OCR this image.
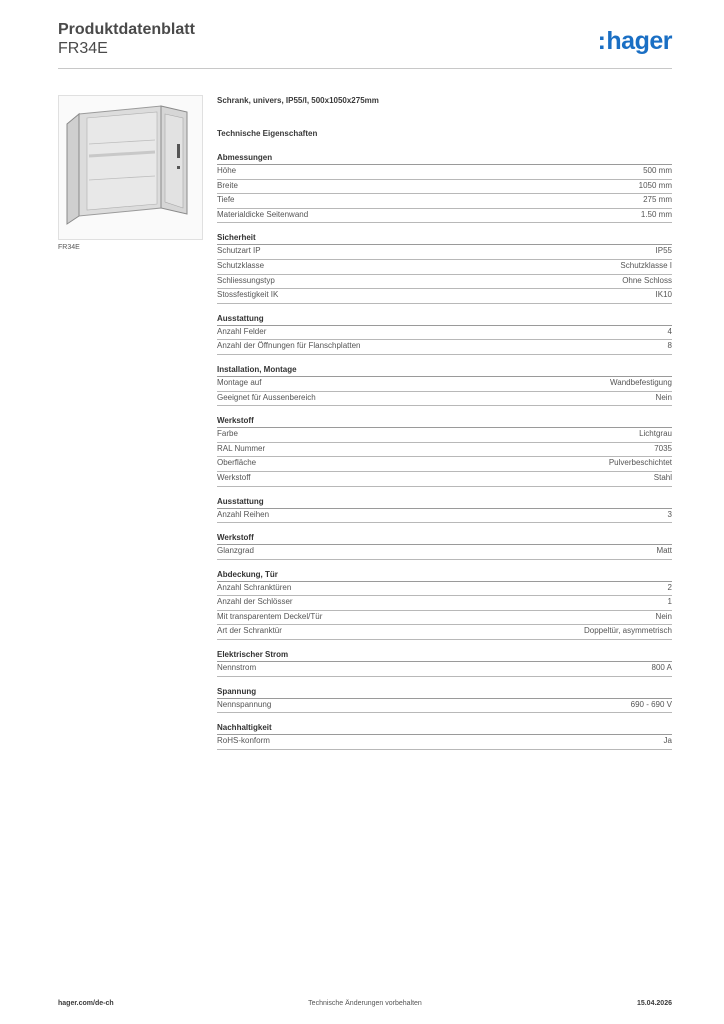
Produktdatenblatt
FR34E	:hager
FR34E
Schrank, univers, IP55/I, 500x1050x275mm
Technische Eigenschaften
Abmessungen
Höhe	500 mm
Breite	1050 mm
Tiefe	275 mm
Materialdicke Seitenwand	1.50 mm
Sicherheit
Schutzart IP	IP55
Schutzklasse	Schutzklasse I
Schliessungstyp	Ohne Schloss
Stossfestigkeit IK	IK10
Ausstattung
Anzahl Felder	4
Anzahl der Öffnungen für Flanschplatten	8
Installation, Montage
Montage auf	Wandbefestigung
Geeignet für Aussenbereich	Nein
Werkstoff
Farbe	Lichtgrau
RAL Nummer	7035
Oberfläche	Pulverbeschichtet
Werkstoff	Stahl
Ausstattung
Anzahl Reihen	3
Werkstoff
Glanzgrad	Matt
Abdeckung, Tür
Anzahl Schranktüren	2
Anzahl der Schlösser	1
Mit transparentem Deckel/Tür	Nein
Art der Schranktür	Doppeltür, asymmetrisch
Elektrischer Strom
Nennstrom	800 A
Spannung
Nennspannung	690 - 690 V
Nachhaltigkeit
RoHS-konform	Ja
hager.com/de-ch	Technische Änderungen vorbehalten	15.04.2026
